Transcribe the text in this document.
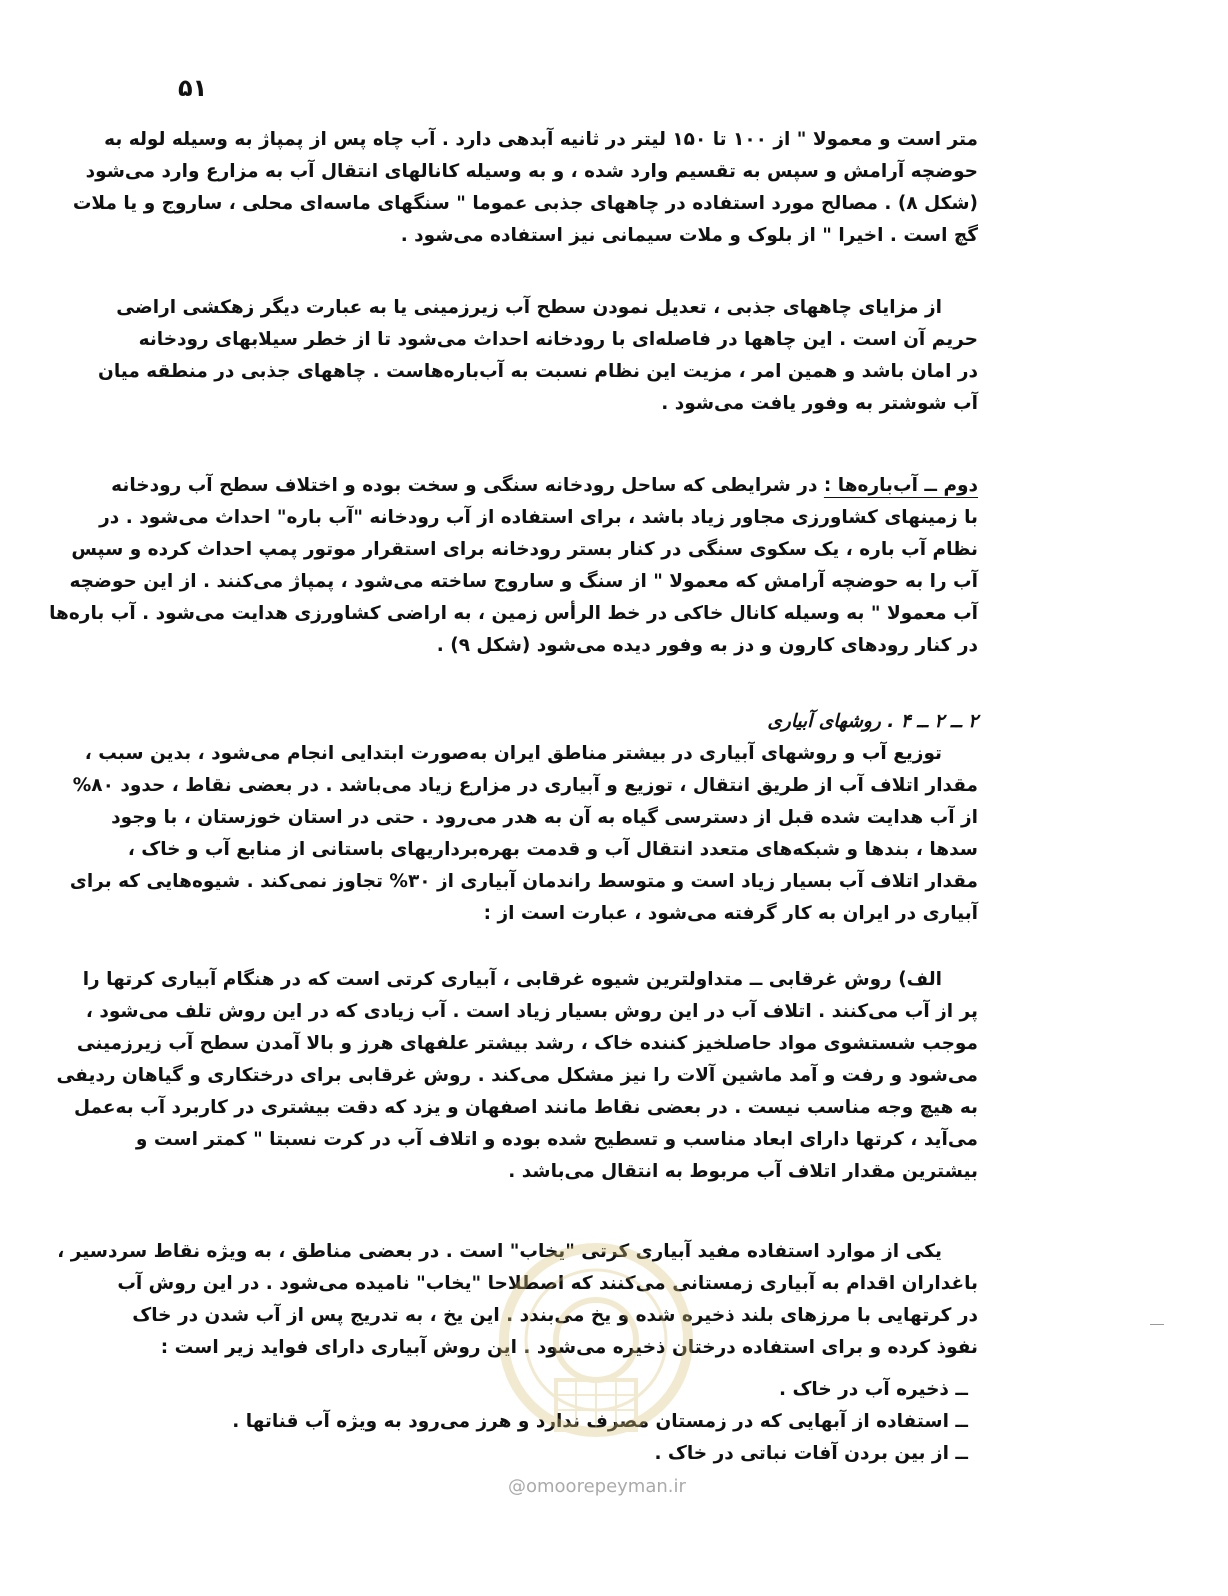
۵۱
متر است و معمولا " از ۱۰۰ تا ۱۵۰ لیتر در ثانیه آبدهی دارد . آب چاه پس از پمپاژ به وسیله لوله به
حوضچه آرامش و سپس به تقسیم وارد شده ، و به وسیله کانالهای انتقال آب به مزارع وارد می‌شود
(شکل ۸) . مصالح مورد استفاده در چاههای جذبی عموما " سنگهای ماسه‌ای محلی ، ساروج و یا ملات
گچ است . اخیرا " از بلوک و ملات سیمانی نیز استفاده می‌شود .
از مزایای چاههای جذبی ، تعدیل نمودن سطح آب زیرزمینی یا به عبارت دیگر زهکشی اراضی
حریم آن است . این چاهها در فاصله‌ای با رودخانه احداث می‌شود تا از خطر سیلابهای رودخانه
در امان باشد و همین امر ، مزیت این نظام نسبت به آب‌باره‌هاست . چاههای جذبی در منطقه میان
آب شوشتر به وفور یافت می‌شود .
دوم ــ آب‌باره‌ها : در شرایطی که ساحل رودخانه سنگی و سخت بوده و اختلاف سطح آب رودخانه
با زمینهای کشاورزی مجاور زیاد باشد ، برای استفاده از آب رودخانه "آب باره" احداث می‌شود . در
نظام آب باره ، یک سکوی سنگی در کنار بستر رودخانه برای استقرار موتور پمپ احداث کرده و سپس
آب را به حوضچه آرامش که معمولا " از سنگ و ساروج ساخته می‌شود ، پمپاژ می‌کنند . از این حوضچه
آب معمولا " به وسیله کانال خاکی در خط الرأس زمین ، به اراضی کشاورزی هدایت می‌شود . آب باره‌ها
در کنار رودهای کارون و دز به وفور دیده می‌شود (شکل ۹) .
۲ ــ ۲ ــ ۴ . روشهای آبیاری
توزیع آب و روشهای آبیاری در بیشتر مناطق ایران به‌صورت ابتدایی انجام می‌شود ، بدین سبب ،
مقدار اتلاف آب از طریق انتقال ، توزیع و آبیاری در مزارع زیاد می‌باشد . در بعضی نقاط ، حدود ۸۰%
از آب هدایت شده قبل از دسترسی گیاه به آن به هدر می‌رود . حتی در استان خوزستان ، با وجود
سدها ، بندها و شبکه‌های متعدد انتقال آب و قدمت بهره‌برداریهای باستانی از منابع آب و خاک ،
مقدار اتلاف آب بسیار زیاد است و متوسط راندمان آبیاری از ۳۰% تجاوز نمی‌کند . شیوه‌هایی که برای
آبیاری در ایران به کار گرفته می‌شود ، عبارت است از :
الف) روش غرقابی ــ متداولترین شیوه غرقابی ، آبیاری کرتی است که در هنگام آبیاری کرتها را
پر از آب می‌کنند . اتلاف آب در این روش بسیار زیاد است . آب زیادی که در این روش تلف می‌شود ،
موجب شستشوی مواد حاصلخیز کننده خاک ، رشد بیشتر علفهای هرز و بالا آمدن سطح آب زیرزمینی
می‌شود و رفت و آمد ماشین آلات را نیز مشکل می‌کند . روش غرقابی برای درختکاری و گیاهان ردیفی
به هیچ وجه مناسب نیست . در بعضی نقاط مانند اصفهان و یزد که دقت بیشتری در کاربرد آب به‌عمل
می‌آید ، کرتها دارای ابعاد مناسب و تسطیح شده بوده و اتلاف آب در کرت نسبتا " کمتر است و
بیشترین مقدار اتلاف آب مربوط به انتقال می‌باشد .
یکی از موارد استفاده مفید آبیاری کرتی "یخاب" است . در بعضی مناطق ، به ویژه نقاط سردسیر ،
باغداران اقدام به آبیاری زمستانی می‌کنند که اصطلاحا "یخاب" نامیده می‌شود . در این روش آب
در کرتهایی با مرزهای بلند ذخیره شده و یخ می‌بندد . این یخ ، به تدریج پس از آب شدن در خاک
نفوذ کرده و برای استفاده درختان ذخیره می‌شود . این روش آبیاری دارای فواید زیر است :
ــ ذخیره آب در خاک .
ــ استفاده از آبهایی که در زمستان مصرف ندارد و هرز می‌رود به ویژه آب قناتها .
ــ از بین بردن آفات نباتی در خاک .
@omoorepeyman.ir
